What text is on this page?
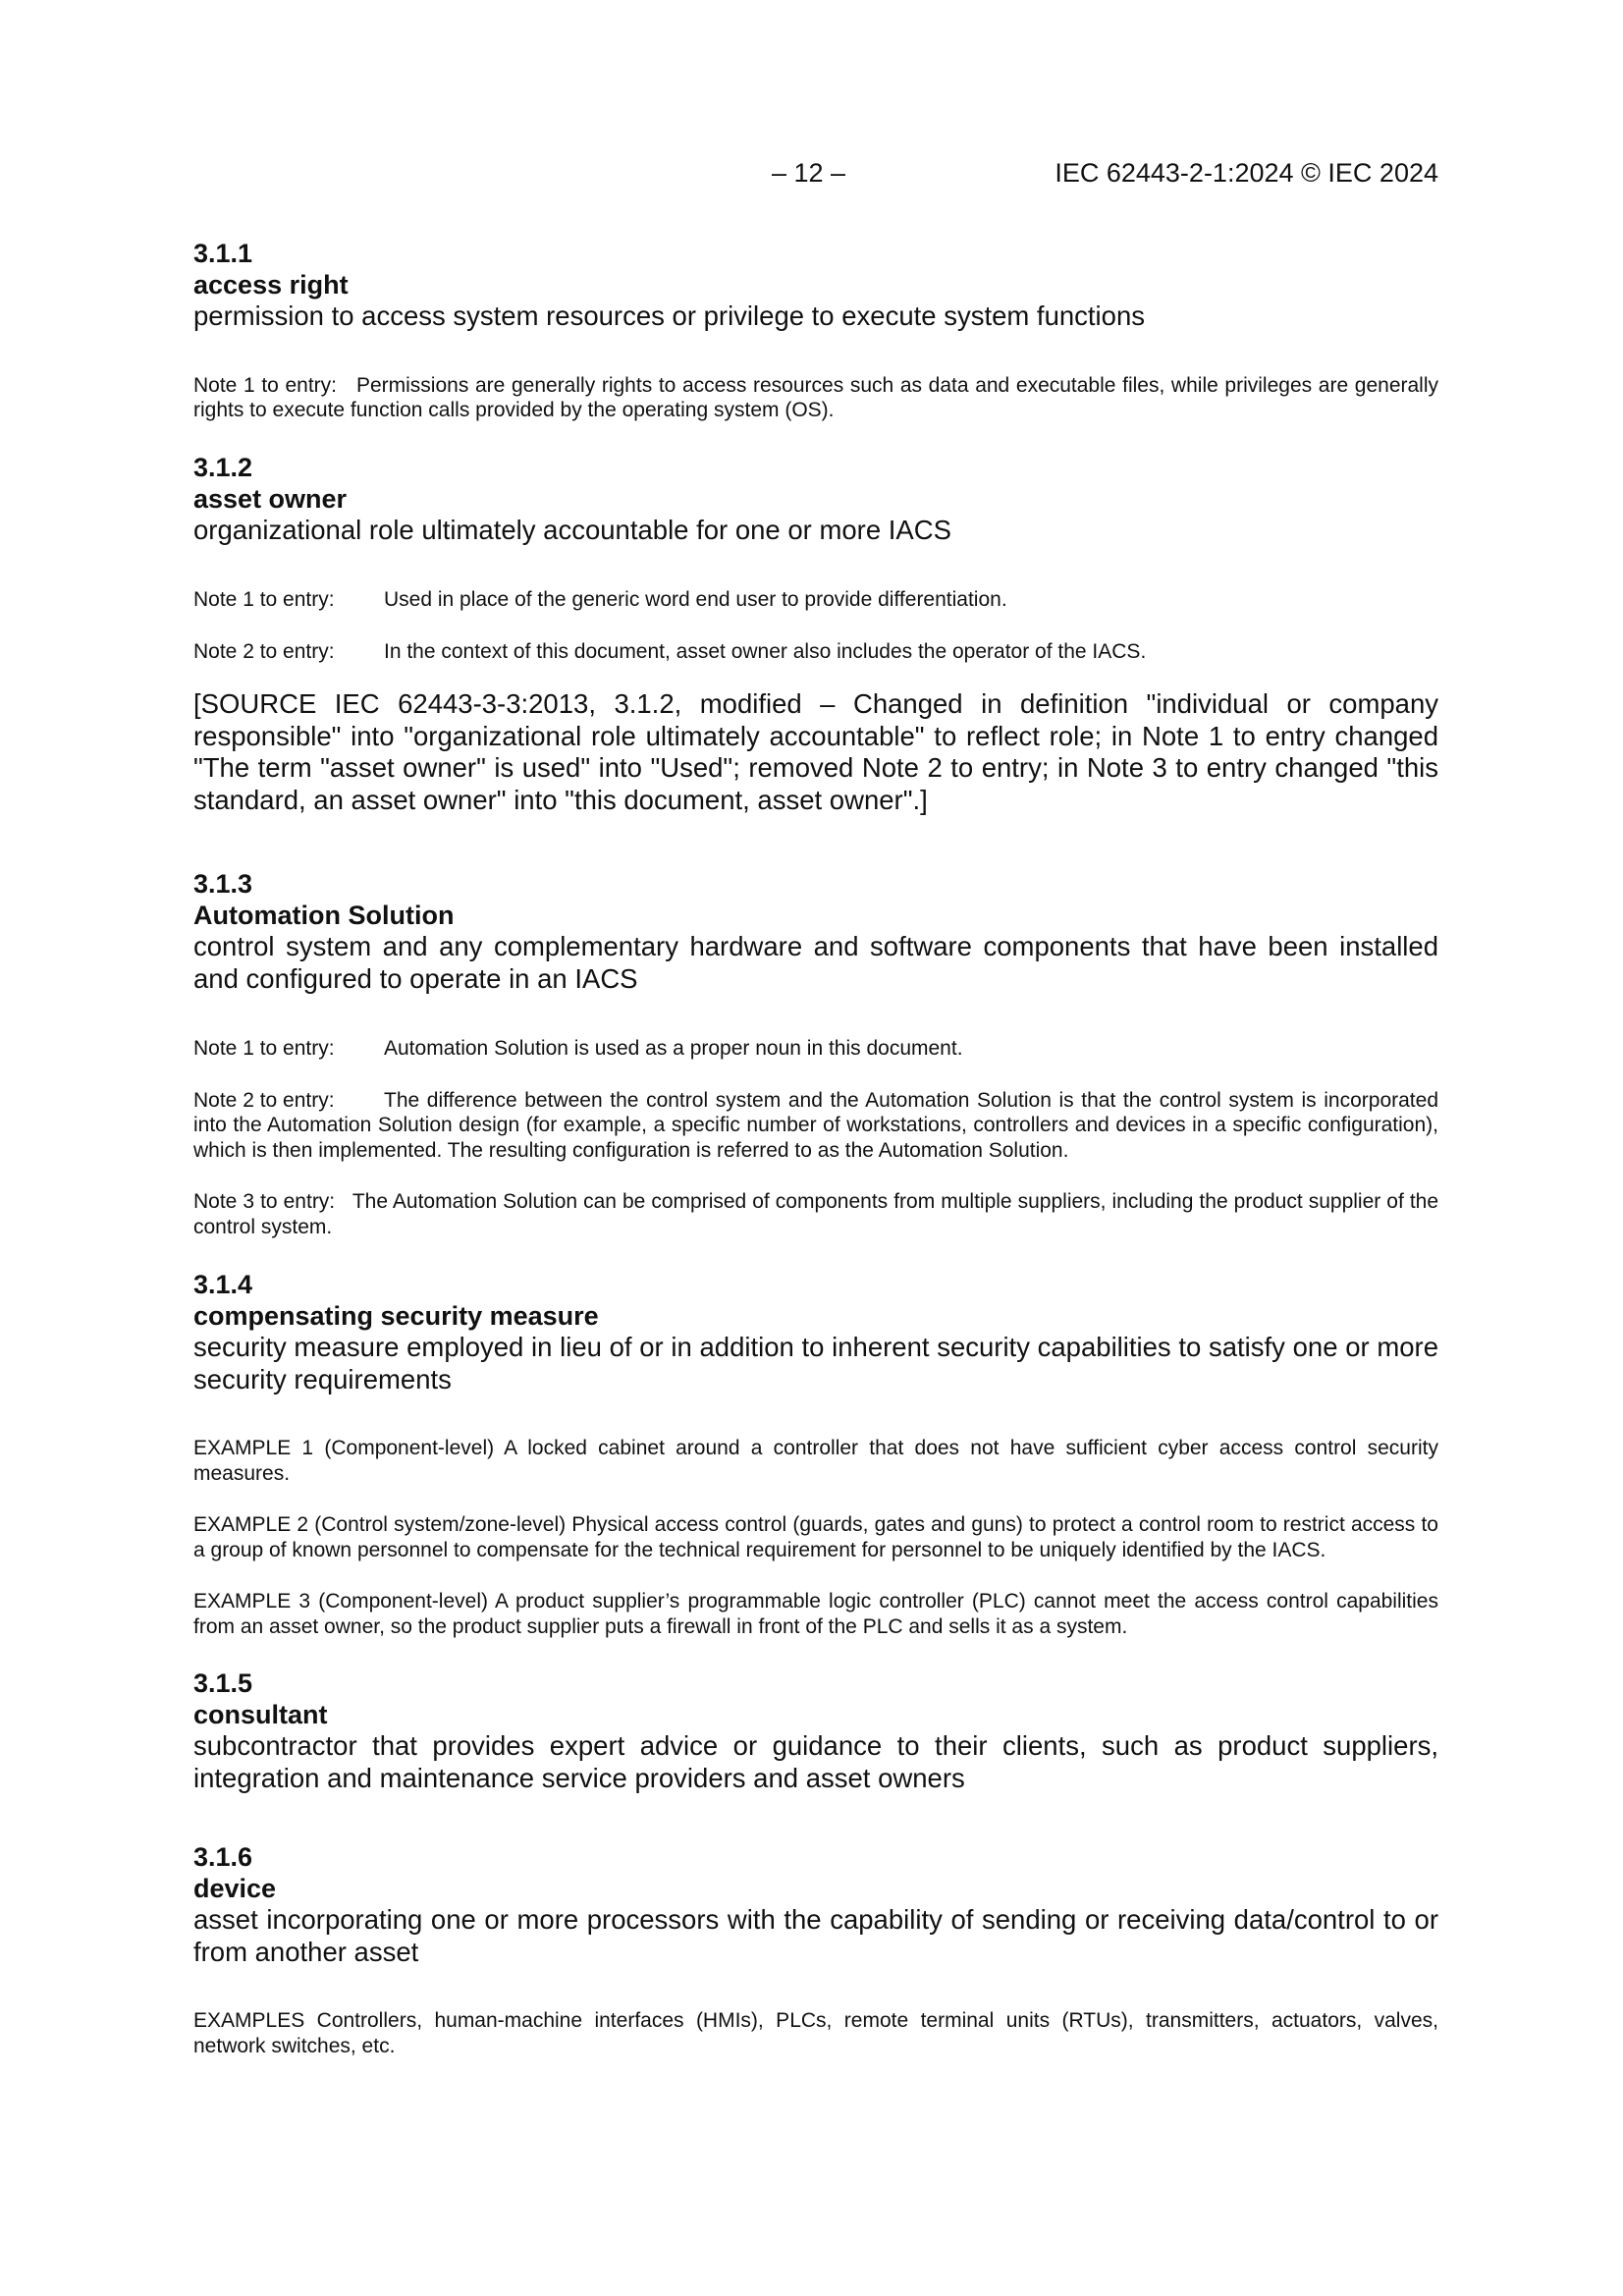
– 12 –	IEC 62443-2-1:2024 © IEC 2024

3.1.1

access right

permission to access system resources or privilege to execute system functions

Note 1 to entry: Permissions are generally rights to access resources such as data and executable files, while privileges are generally rights to execute function calls provided by the operating system (OS).

3.1.2

asset owner

organizational role ultimately accountable for one or more IACS

Note 1 to entry: Used in place of the generic word end user to provide differentiation.

Note 2 to entry: In the context of this document, asset owner also includes the operator of the IACS.

[SOURCE IEC 62443-3-3:2013, 3.1.2, modified – Changed in definition "individual or company responsible" into "organizational role ultimately accountable" to reflect role; in Note 1 to entry changed "The term "asset owner" is used" into "Used"; removed Note 2 to entry; in Note 3 to entry changed "this standard, an asset owner" into "this document, asset owner".]

3.1.3

Automation Solution

control system and any complementary hardware and software components that have been installed and configured to operate in an IACS

Note 1 to entry: Automation Solution is used as a proper noun in this document.

Note 2 to entry: The difference between the control system and the Automation Solution is that the control system is incorporated into the Automation Solution design (for example, a specific number of workstations, controllers and devices in a specific configuration), which is then implemented. The resulting configuration is referred to as the Automation Solution.

Note 3 to entry: The Automation Solution can be comprised of components from multiple suppliers, including the product supplier of the control system.

3.1.4

compensating security measure

security measure employed in lieu of or in addition to inherent security capabilities to satisfy one or more security requirements

EXAMPLE 1 (Component-level) A locked cabinet around a controller that does not have sufficient cyber access control security measures.

EXAMPLE 2 (Control system/zone-level) Physical access control (guards, gates and guns) to protect a control room to restrict access to a group of known personnel to compensate for the technical requirement for personnel to be uniquely identified by the IACS.

EXAMPLE 3 (Component-level) A product supplier’s programmable logic controller (PLC) cannot meet the access control capabilities from an asset owner, so the product supplier puts a firewall in front of the PLC and sells it as a system.

3.1.5

consultant

subcontractor that provides expert advice or guidance to their clients, such as product suppliers, integration and maintenance service providers and asset owners

3.1.6

device

asset incorporating one or more processors with the capability of sending or receiving data/control to or from another asset

EXAMPLES Controllers, human-machine interfaces (HMIs), PLCs, remote terminal units (RTUs), transmitters, actuators, valves, network switches, etc.
